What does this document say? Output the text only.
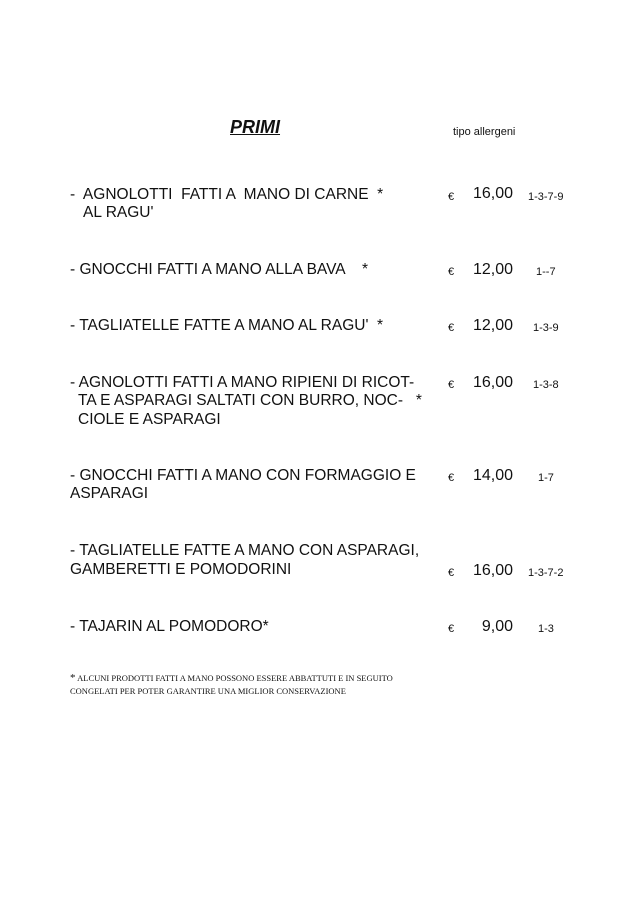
PRIMI	tipo allergeni
-  AGNOLOTTI  FATTI A  MANO DI CARNE  *
AL RAGU'
€ 16,00 1-3-7-9
- GNOCCHI FATTI A MANO ALLA BAVA    *	€ 12,00 1--7
- TAGLIATELLE FATTE A MANO AL RAGU'  *	€ 12,00 1-3-9
- AGNOLOTTI FATTI A MANO RIPIENI DI RICOT-
TA E ASPARAGI SALTATI CON BURRO, NOC-   *
CIOLE E ASPARAGI
€ 16,00 1-3-8
- GNOCCHI FATTI A MANO CON FORMAGGIO E
ASPARAGI
€ 14,00 1-7
- TAGLIATELLE FATTE A MANO CON ASPARAGI,
GAMBERETTI E POMODORINI	€ 16,00 1-3-7-2
- TAJARIN AL POMODORO*	€	9,00 1-3
* ALCUNI PRODOTTI FATTI A MANO POSSONO ESSERE ABBATTUTI E IN SEGUITO
CONGELATI PER POTER GARANTIRE UNA MIGLIOR CONSERVAZIONE
